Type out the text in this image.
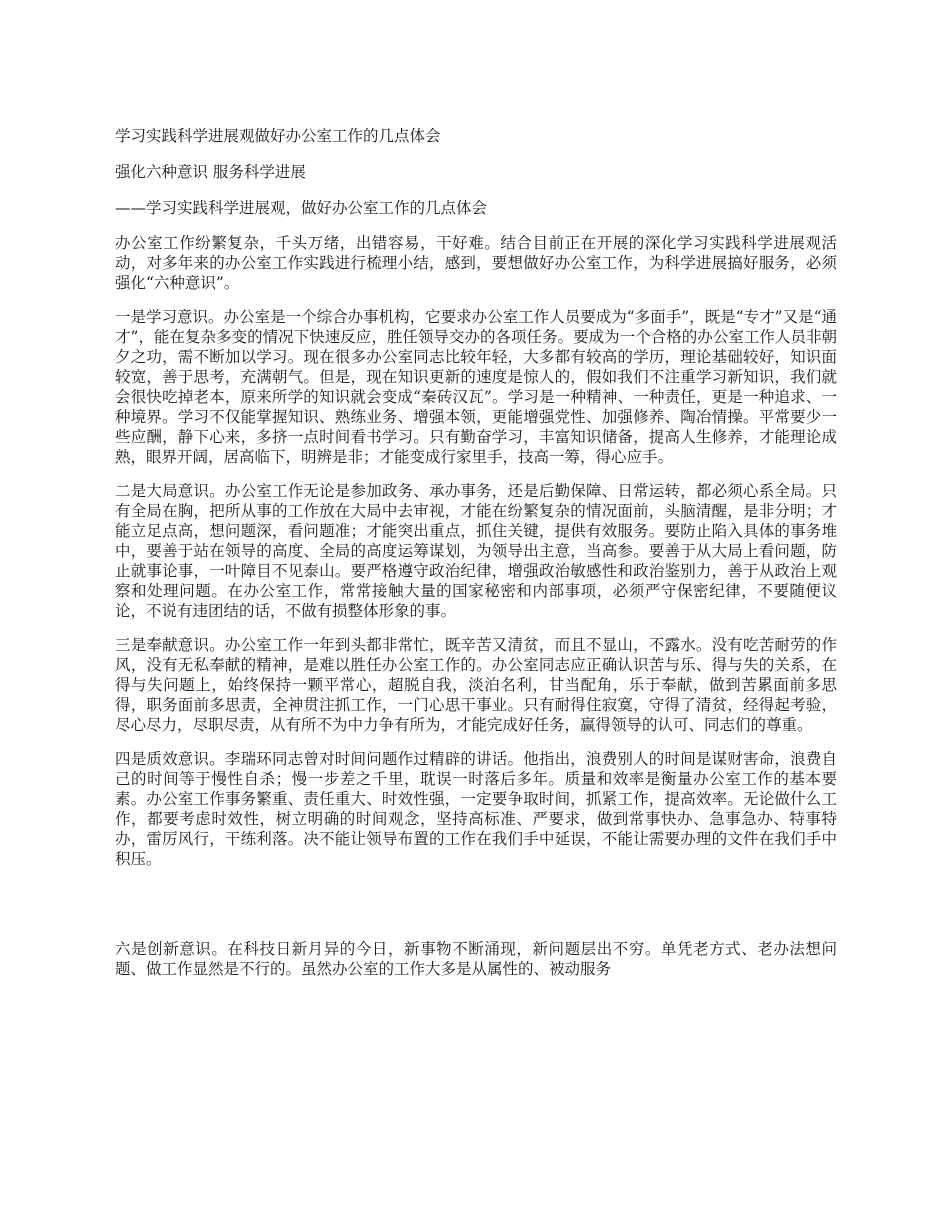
学习实践科学进展观做好办公室工作的几点体会
强化六种意识 服务科学进展
——学习实践科学进展观，做好办公室工作的几点体会

办公室工作纷繁复杂，千头万绪，出错容易，干好难。结合目前正在开展的深化学习实践科学进展观活动，对多年来的办公室工作实践进行梳理小结，感到，要想做好办公室工作，为科学进展搞好服务，必须强化“六种意识”。

一是学习意识。办公室是一个综合办事机构，它要求办公室工作人员要成为“多面手”，既是“专才”又是“通才”，能在复杂多变的情况下快速反应，胜任领导交办的各项任务。要成为一个合格的办公室工作人员非朝夕之功，需不断加以学习。现在很多办公室同志比较年轻，大多都有较高的学历，理论基础较好，知识面较宽，善于思考，充满朝气。但是，现在知识更新的速度是惊人的，假如我们不注重学习新知识，我们就会很快吃掉老本，原来所学的知识就会变成“秦砖汉瓦”。学习是一种精神、一种责任，更是一种追求、一种境界。学习不仅能掌握知识、熟练业务、增强本领，更能增强党性、加强修养、陶冶情操。平常要少一些应酬，静下心来，多挤一点时间看书学习。只有勤奋学习，丰富知识储备，提高人生修养，才能理论成熟，眼界开阔，居高临下，明辨是非；才能变成行家里手，技高一筹，得心应手。

二是大局意识。办公室工作无论是参加政务、承办事务，还是后勤保障、日常运转，都必须心系全局。只有全局在胸，把所从事的工作放在大局中去审视，才能在纷繁复杂的情况面前，头脑清醒，是非分明；才能立足点高，想问题深，看问题准；才能突出重点，抓住关键，提供有效服务。要防止陷入具体的事务堆中，要善于站在领导的高度、全局的高度运筹谋划，为领导出主意，当高参。要善于从大局上看问题，防止就事论事，一叶障目不见泰山。要严格遵守政治纪律，增强政治敏感性和政治鉴别力，善于从政治上观察和处理问题。在办公室工作，常常接触大量的国家秘密和内部事项，必须严守保密纪律，不要随便议论，不说有违团结的话，不做有损整体形象的事。

三是奉献意识。办公室工作一年到头都非常忙，既辛苦又清贫，而且不显山，不露水。没有吃苦耐劳的作风，没有无私奉献的精神，是难以胜任办公室工作的。办公室同志应正确认识苦与乐、得与失的关系，在得与失问题上，始终保持一颗平常心，超脱自我，淡泊名利，甘当配角，乐于奉献，做到苦累面前多思得，职务面前多思责，全神贯注抓工作，一门心思干事业。只有耐得住寂寞，守得了清贫，经得起考验，尽心尽力，尽职尽责，从有所不为中力争有所为，才能完成好任务，赢得领导的认可、同志们的尊重。

四是质效意识。李瑞环同志曾对时间问题作过精辟的讲话。他指出，浪费别人的时间是谋财害命，浪费自己的时间等于慢性自杀；慢一步差之千里，耽误一时落后多年。质量和效率是衡量办公室工作的基本要素。办公室工作事务繁重、责任重大、时效性强，一定要争取时间，抓紧工作，提高效率。无论做什么工作，都要考虑时效性，树立明确的时间观念，坚持高标准、严要求，做到常事快办、急事急办、特事特办，雷厉风行，干练利落。决不能让领导布置的工作在我们手中延误，不能让需要办理的文件在我们手中积压。

六是创新意识。在科技日新月异的今日，新事物不断涌现，新问题层出不穷。单凭老方式、老办法想问题、做工作显然是不行的。虽然办公室的工作大多是从属性的、被动服务
